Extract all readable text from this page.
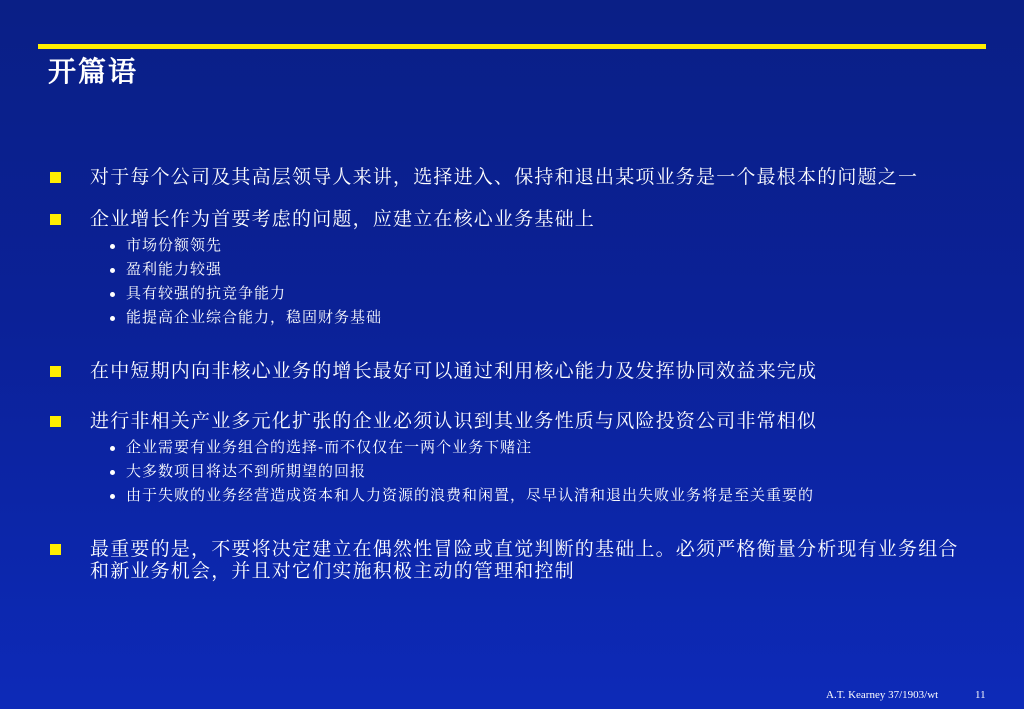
开篇语
对于每个公司及其高层领导人来讲，选择进入、保持和退出某项业务是一个最根本的问题之一
企业增长作为首要考虑的问题，应建立在核心业务基础上
市场份额领先
盈利能力较强
具有较强的抗竞争能力
能提高企业综合能力，稳固财务基础
在中短期内向非核心业务的增长最好可以通过利用核心能力及发挥协同效益来完成
进行非相关产业多元化扩张的企业必须认识到其业务性质与风险投资公司非常相似
企业需要有业务组合的选择-而不仅仅在一两个业务下赌注
大多数项目将达不到所期望的回报
由于失败的业务经营造成资本和人力资源的浪费和闲置，尽早认清和退出失败业务将是至关重要的
最重要的是，不要将决定建立在偶然性冒险或直觉判断的基础上。必须严格衡量分析现有业务组合和新业务机会，并且对它们实施积极主动的管理和控制
A.T. Kearney 37/1903/wt	11
